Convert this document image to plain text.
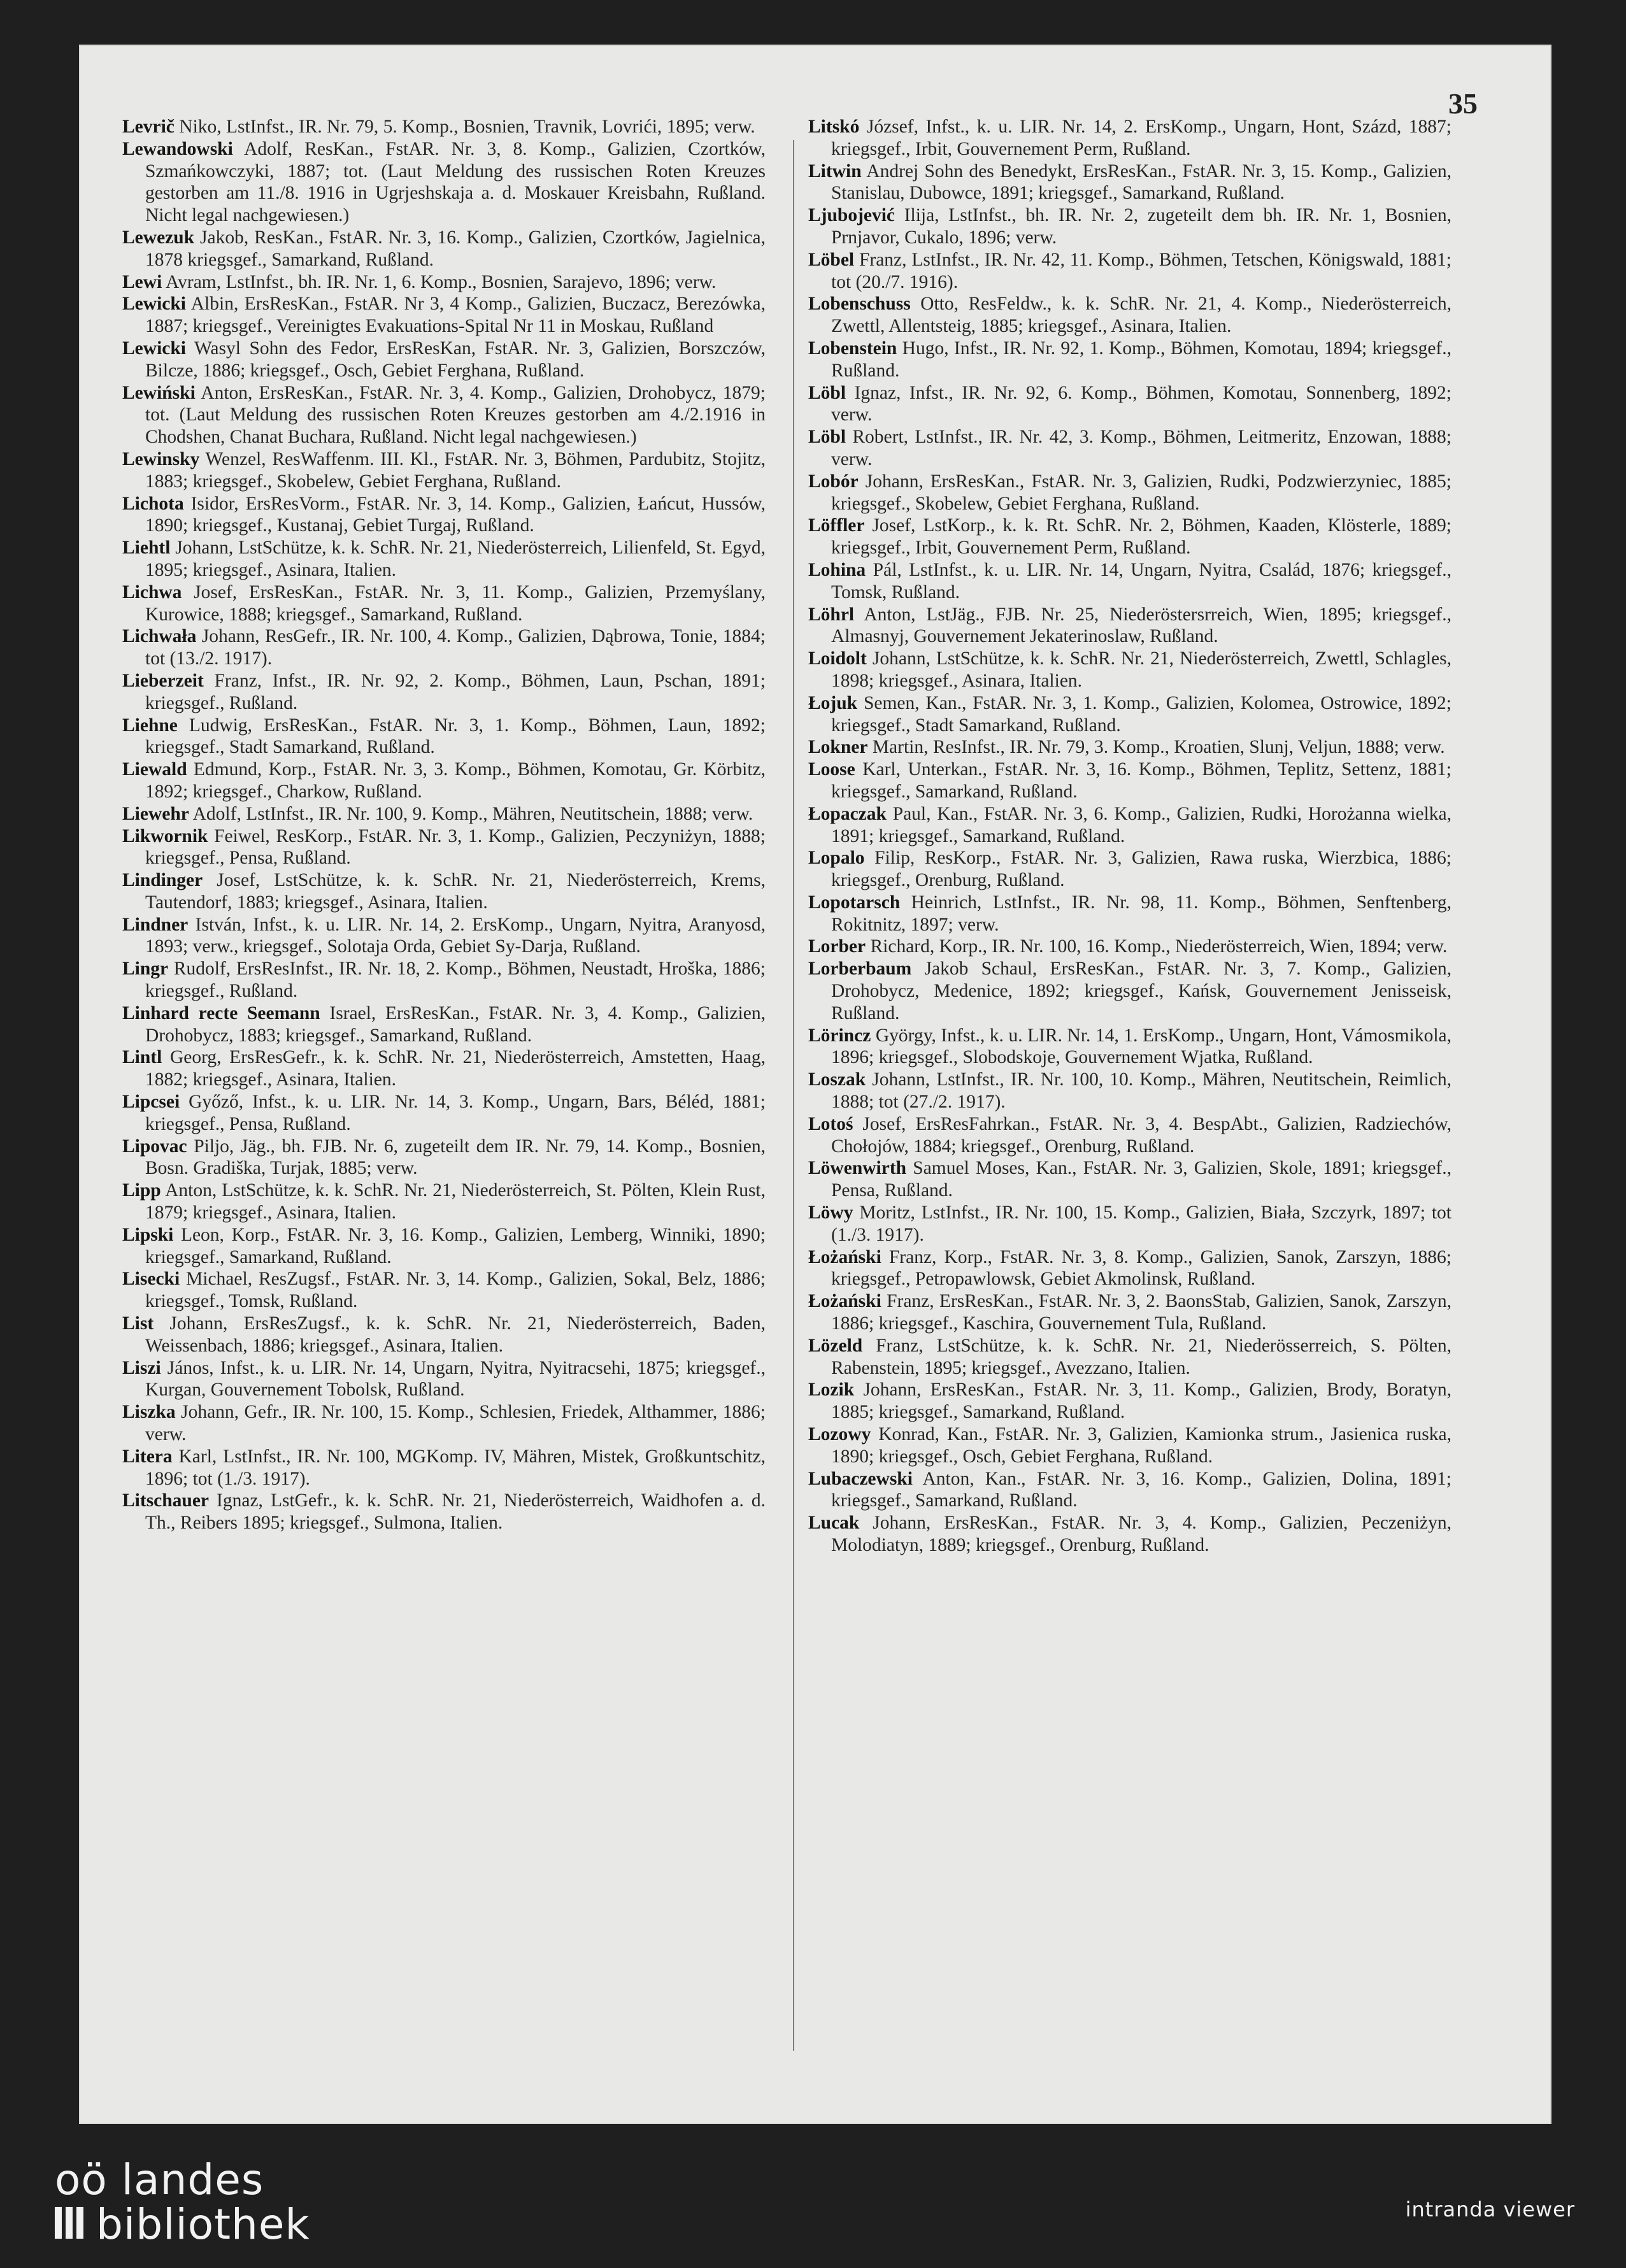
35

Levrič Niko, LstInfst., IR. Nr. 79, 5. Komp., Bosnien, Travnik, Lovrići, 1895; verw.

Lewandowski Adolf, ResKan., FstAR. Nr. 3, 8. Komp., Galizien, Czortków, Szmańkowczyki, 1887; tot. (Laut Meldung des russischen Roten Kreuzes gestorben am 11./8. 1916 in Ugrjeshskaja a. d. Moskauer Kreisbahn, Rußland. Nicht legal nachgewiesen.)

Lewezuk Jakob, ResKan., FstAR. Nr. 3, 16. Komp., Galizien, Czortków, Jagielnica, 1878 kriegsgef., Samarkand, Rußland.

Lewi Avram, LstInfst., bh. IR. Nr. 1, 6. Komp., Bosnien, Sarajevo, 1896; verw.

Lewicki Albin, ErsResKan., FstAR. Nr 3, 4 Komp., Galizien, Buczacz, Berezówka, 1887; kriegsgef., Vereinigtes Evakuations-Spital Nr 11 in Moskau, Rußland

Lewicki Wasyl Sohn des Fedor, ErsResKan, FstAR. Nr. 3, Galizien, Borszczów, Bilcze, 1886; kriegsgef., Osch, Gebiet Ferghana, Rußland.

Lewiński Anton, ErsResKan., FstAR. Nr. 3, 4. Komp., Galizien, Drohobycz, 1879; tot. (Laut Meldung des russischen Roten Kreuzes gestorben am 4./2.1916 in Chodshen, Chanat Buchara, Rußland. Nicht legal nachgewiesen.)

Lewinsky Wenzel, ResWaffenm. III. Kl., FstAR. Nr. 3, Böhmen, Pardubitz, Stojitz, 1883; kriegsgef., Skobelew, Gebiet Ferghana, Rußland.

Lichota Isidor, ErsResVorm., FstAR. Nr. 3, 14. Komp., Galizien, Łańcut, Hussów, 1890; kriegsgef., Kustanaj, Gebiet Turgaj, Rußland.

Liehtl Johann, LstSchütze, k. k. SchR. Nr. 21, Niederösterreich, Lilienfeld, St. Egyd, 1895; kriegsgef., Asinara, Italien.

Lichwa Josef, ErsResKan., FstAR. Nr. 3, 11. Komp., Galizien, Przemyślany, Kurowice, 1888; kriegsgef., Samarkand, Rußland.

Lichwała Johann, ResGefr., IR. Nr. 100, 4. Komp., Galizien, Dąbrowa, Tonie, 1884; tot (13./2. 1917).

Lieberzeit Franz, Infst., IR. Nr. 92, 2. Komp., Böhmen, Laun, Pschan, 1891; kriegsgef., Rußland.

Liehne Ludwig, ErsResKan., FstAR. Nr. 3, 1. Komp., Böhmen, Laun, 1892; kriegsgef., Stadt Samarkand, Rußland.

Liewald Edmund, Korp., FstAR. Nr. 3, 3. Komp., Böhmen, Komotau, Gr. Körbitz, 1892; kriegsgef., Charkow, Rußland.

Liewehr Adolf, LstInfst., IR. Nr. 100, 9. Komp., Mähren, Neutitschein, 1888; verw.

Likwornik Feiwel, ResKorp., FstAR. Nr. 3, 1. Komp., Galizien, Peczyniżyn, 1888; kriegsgef., Pensa, Rußland.

Lindinger Josef, LstSchütze, k. k. SchR. Nr. 21, Niederösterreich, Krems, Tautendorf, 1883; kriegsgef., Asinara, Italien.

Lindner István, Infst., k. u. LIR. Nr. 14, 2. ErsKomp., Ungarn, Nyitra, Aranyosd, 1893; verw., kriegsgef., Solotaja Orda, Gebiet Sy-Darja, Rußland.

Lingr Rudolf, ErsResInfst., IR. Nr. 18, 2. Komp., Böhmen, Neustadt, Hroška, 1886; kriegsgef., Rußland.

Linhard recte Seemann Israel, ErsResKan., FstAR. Nr. 3, 4. Komp., Galizien, Drohobycz, 1883; kriegsgef., Samarkand, Rußland.

Lintl Georg, ErsResGefr., k. k. SchR. Nr. 21, Niederösterreich, Amstetten, Haag, 1882; kriegsgef., Asinara, Italien.

Lipcsei Győző, Infst., k. u. LIR. Nr. 14, 3. Komp., Ungarn, Bars, Béléd, 1881; kriegsgef., Pensa, Rußland.

Lipovac Piljo, Jäg., bh. FJB. Nr. 6, zugeteilt dem IR. Nr. 79, 14. Komp., Bosnien, Bosn. Gradiška, Turjak, 1885; verw.

Lipp Anton, LstSchütze, k. k. SchR. Nr. 21, Niederösterreich, St. Pölten, Klein Rust, 1879; kriegsgef., Asinara, Italien.

Lipski Leon, Korp., FstAR. Nr. 3, 16. Komp., Galizien, Lemberg, Winniki, 1890; kriegsgef., Samarkand, Rußland.

Lisecki Michael, ResZugsf., FstAR. Nr. 3, 14. Komp., Galizien, Sokal, Belz, 1886; kriegsgef., Tomsk, Rußland.

List Johann, ErsResZugsf., k. k. SchR. Nr. 21, Niederösterreich, Baden, Weissenbach, 1886; kriegsgef., Asinara, Italien.

Liszi János, Infst., k. u. LIR. Nr. 14, Ungarn, Nyitra, Nyitracsehi, 1875; kriegsgef., Kurgan, Gouvernement Tobolsk, Rußland.

Liszka Johann, Gefr., IR. Nr. 100, 15. Komp., Schlesien, Friedek, Althammer, 1886; verw.

Litera Karl, LstInfst., IR. Nr. 100, MGKomp. IV, Mähren, Mistek, Großkuntschitz, 1896; tot (1./3. 1917).

Litschauer Ignaz, LstGefr., k. k. SchR. Nr. 21, Niederösterreich, Waidhofen a. d. Th., Reibers 1895; kriegsgef., Sulmona, Italien.

Litskó József, Infst., k. u. LIR. Nr. 14, 2. ErsKomp., Ungarn, Hont, Százd, 1887; kriegsgef., Irbit, Gouvernement Perm, Rußland.

Litwin Andrej Sohn des Benedykt, ErsResKan., FstAR. Nr. 3, 15. Komp., Galizien, Stanislau, Dubowce, 1891; kriegsgef., Samarkand, Rußland.

Ljubojević Ilija, LstInfst., bh. IR. Nr. 2, zugeteilt dem bh. IR. Nr. 1, Bosnien, Prnjavor, Cukalo, 1896; verw.

Löbel Franz, LstInfst., IR. Nr. 42, 11. Komp., Böhmen, Tetschen, Königswald, 1881; tot (20./7. 1916).

Lobenschuss Otto, ResFeldw., k. k. SchR. Nr. 21, 4. Komp., Niederösterreich, Zwettl, Allentsteig, 1885; kriegsgef., Asinara, Italien.

Lobenstein Hugo, Infst., IR. Nr. 92, 1. Komp., Böhmen, Komotau, 1894; kriegsgef., Rußland.

Löbl Ignaz, Infst., IR. Nr. 92, 6. Komp., Böhmen, Komotau, Sonnenberg, 1892; verw.

Löbl Robert, LstInfst., IR. Nr. 42, 3. Komp., Böhmen, Leitmeritz, Enzowan, 1888; verw.

Lobór Johann, ErsResKan., FstAR. Nr. 3, Galizien, Rudki, Podzwierzyniec, 1885; kriegsgef., Skobelew, Gebiet Ferghana, Rußland.

Löffler Josef, LstKorp., k. k. Rt. SchR. Nr. 2, Böhmen, Kaaden, Klösterle, 1889; kriegsgef., Irbit, Gouvernement Perm, Rußland.

Lohina Pál, LstInfst., k. u. LIR. Nr. 14, Ungarn, Nyitra, Család, 1876; kriegsgef., Tomsk, Rußland.

Löhrl Anton, LstJäg., FJB. Nr. 25, Niederöstersrreich, Wien, 1895; kriegsgef., Almasnyj, Gouvernement Jekaterinoslaw, Rußland.

Loidolt Johann, LstSchütze, k. k. SchR. Nr. 21, Niederösterreich, Zwettl, Schlagles, 1898; kriegsgef., Asinara, Italien.

Łojuk Semen, Kan., FstAR. Nr. 3, 1. Komp., Galizien, Kolomea, Ostrowice, 1892; kriegsgef., Stadt Samarkand, Rußland.

Lokner Martin, ResInfst., IR. Nr. 79, 3. Komp., Kroatien, Slunj, Veljun, 1888; verw.

Loose Karl, Unterkan., FstAR. Nr. 3, 16. Komp., Böhmen, Teplitz, Settenz, 1881; kriegsgef., Samarkand, Rußland.

Łopaczak Paul, Kan., FstAR. Nr. 3, 6. Komp., Galizien, Rudki, Horożanna wielka, 1891; kriegsgef., Samarkand, Rußland.

Lopalo Filip, ResKorp., FstAR. Nr. 3, Galizien, Rawa ruska, Wierzbica, 1886; kriegsgef., Orenburg, Rußland.

Lopotarsch Heinrich, LstInfst., IR. Nr. 98, 11. Komp., Böhmen, Senftenberg, Rokitnitz, 1897; verw.

Lorber Richard, Korp., IR. Nr. 100, 16. Komp., Niederösterreich, Wien, 1894; verw.

Lorberbaum Jakob Schaul, ErsResKan., FstAR. Nr. 3, 7. Komp., Galizien, Drohobycz, Medenice, 1892; kriegsgef., Kańsk, Gouvernement Jenisseisk, Rußland.

Lörincz György, Infst., k. u. LIR. Nr. 14, 1. ErsKomp., Ungarn, Hont, Vámosmikola, 1896; kriegsgef., Slobodskoje, Gouvernement Wjatka, Rußland.

Loszak Johann, LstInfst., IR. Nr. 100, 10. Komp., Mähren, Neutitschein, Reimlich, 1888; tot (27./2. 1917).

Lotoś Josef, ErsResFahrkan., FstAR. Nr. 3, 4. BespAbt., Galizien, Radziechów, Chołojów, 1884; kriegsgef., Orenburg, Rußland.

Löwenwirth Samuel Moses, Kan., FstAR. Nr. 3, Galizien, Skole, 1891; kriegsgef., Pensa, Rußland.

Löwy Moritz, LstInfst., IR. Nr. 100, 15. Komp., Galizien, Biała, Szczyrk, 1897; tot (1./3. 1917).

Łożański Franz, Korp., FstAR. Nr. 3, 8. Komp., Galizien, Sanok, Zarszyn, 1886; kriegsgef., Petropawlowsk, Gebiet Akmolinsk, Rußland.

Łożański Franz, ErsResKan., FstAR. Nr. 3, 2. BaonsStab, Galizien, Sanok, Zarszyn, 1886; kriegsgef., Kaschira, Gouvernement Tula, Rußland.

Lözeld Franz, LstSchütze, k. k. SchR. Nr. 21, Niederösserreich, S. Pölten, Rabenstein, 1895; kriegsgef., Avezzano, Italien.

Lozik Johann, ErsResKan., FstAR. Nr. 3, 11. Komp., Galizien, Brody, Boratyn, 1885; kriegsgef., Samarkand, Rußland.

Lozowy Konrad, Kan., FstAR. Nr. 3, Galizien, Kamionka strum., Jasienica ruska, 1890; kriegsgef., Osch, Gebiet Ferghana, Rußland.

Lubaczewski Anton, Kan., FstAR. Nr. 3, 16. Komp., Galizien, Dolina, 1891; kriegsgef., Samarkand, Rußland.

Lucak Johann, ErsResKan., FstAR. Nr. 3, 4. Komp., Galizien, Peczeniżyn, Molodiatyn, 1889; kriegsgef., Orenburg, Rußland.

oö landes
bibliothek	intranda viewer
